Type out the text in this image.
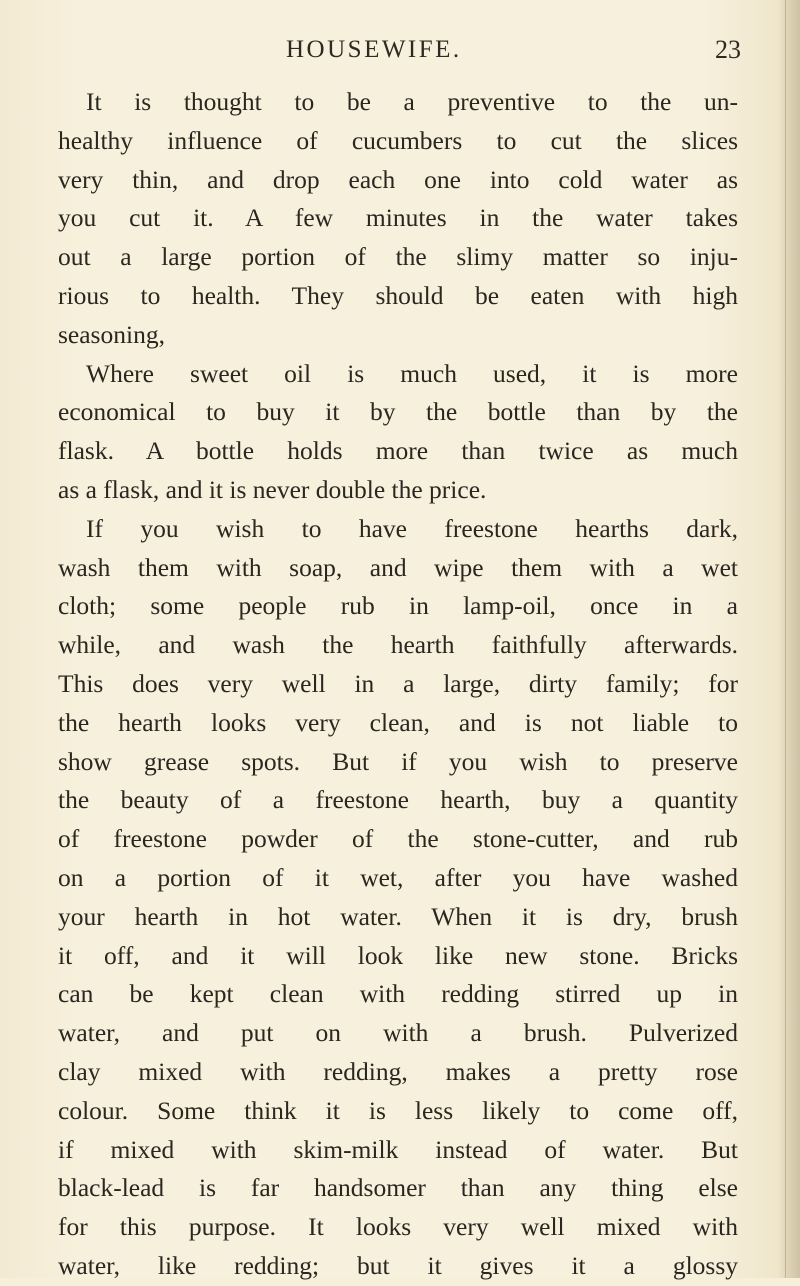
HOUSEWIFE.	23
It is thought to be a preventive to the un-
healthy influence of cucumbers to cut the slices
very thin, and drop each one into cold water as
you cut it. A few minutes in the water takes
out a large portion of the slimy matter so inju-
rious to health. They should be eaten with high
seasoning,
Where sweet oil is much used, it is more
economical to buy it by the bottle than by the
flask. A bottle holds more than twice as much
as a flask, and it is never double the price.
If you wish to have freestone hearths dark,
wash them with soap, and wipe them with a wet
cloth; some people rub in lamp-oil, once in a
while, and wash the hearth faithfully afterwards.
This does very well in a large, dirty family; for
the hearth looks very clean, and is not liable to
show grease spots. But if you wish to preserve
the beauty of a freestone hearth, buy a quantity
of freestone powder of the stone-cutter, and rub
on a portion of it wet, after you have washed
your hearth in hot water. When it is dry, brush
it off, and it will look like new stone. Bricks
can be kept clean with redding stirred up in
water, and put on with a brush. Pulverized
clay mixed with redding, makes a pretty rose
colour. Some think it is less likely to come off,
if mixed with skim-milk instead of water. But
black-lead is far handsomer than any thing else
for this purpose. It looks very well mixed with
water, like redding; but it gives it a glossy
